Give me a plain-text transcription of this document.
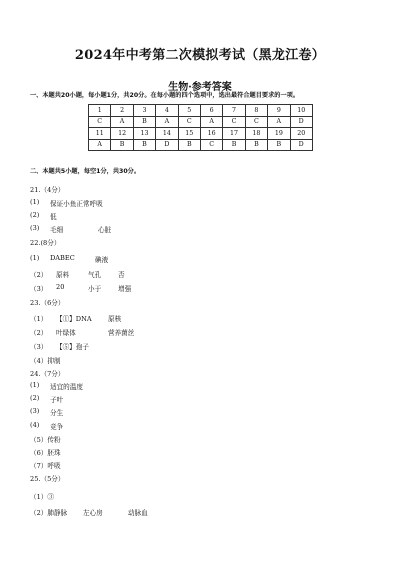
2024年中考第二次模拟考试（黑龙江卷）
生物·参考答案
一、本题共20小题，每小题1分，共20分。在每小题的四个选项中，选出最符合题目要求的一项。
1	2	3	4	5	6	7	8	9	10
C	A	B	A	C	A	C	C	A	D
11	12	13	14	15	16	17	18	19	20
A	B	B	D	B	C	B	B	B	D
二、本题共5小题，每空1分，共30分。
21.（4分）
(1) 保证小鱼正常呼吸
(2) 低
(3) 毛细	心脏
22.(8分）
(1) DABEC	碘液
（2） 原料	气孔	否
（3） 20	小于	增强
23.（6分）
（1） 【①】DNA 原核
（2） 叶绿体	营养菌丝
（3） 【⑤】孢子
（4）抑制
24.（7分）
(1) 适宜的温度
(2) 子叶
(3) 分生
(4) 竞争
（5）传粉
（6）胚珠
（7）呼吸
25.（5分）
（1）③
（2）肺静脉 左心房	动脉血
